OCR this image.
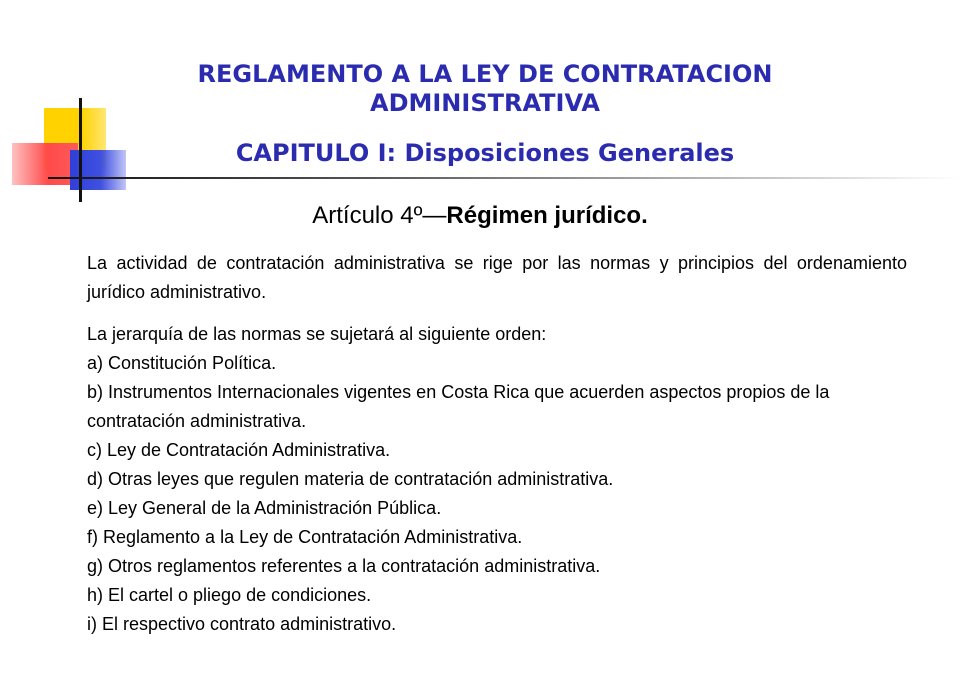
REGLAMENTO A LA LEY DE CONTRATACION ADMINISTRATIVA
CAPITULO I: Disposiciones Generales

Artículo 4º—Régimen jurídico.

La actividad de contratación administrativa se rige por las normas y principios del ordenamiento jurídico administrativo.

La jerarquía de las normas se sujetará al siguiente orden:

a) Constitución Política.

b) Instrumentos Internacionales vigentes en Costa Rica que acuerden aspectos propios de la contratación administrativa.

c) Ley de Contratación Administrativa.

d) Otras leyes que regulen materia de contratación administrativa.

e) Ley General de la Administración Pública.

f) Reglamento a la Ley de Contratación Administrativa.

g) Otros reglamentos referentes a la contratación administrativa.

h) El cartel o pliego de condiciones.

i) El respectivo contrato administrativo.
